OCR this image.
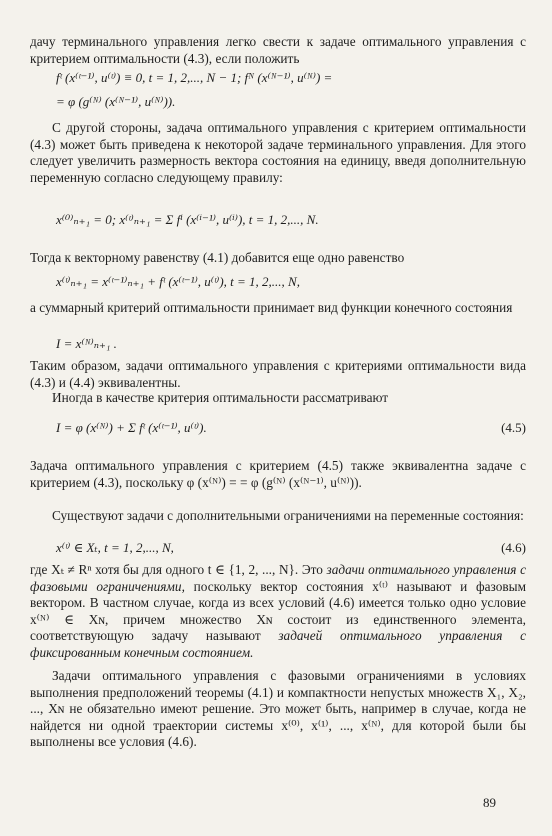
дачу терминального управления легко свести к задаче оптимального управления с критерием оптимальности (4.3), если положить

fᵗ (x⁽ᵗ⁻¹⁾, u⁽ᵗ⁾) ≡ 0, t = 1, 2,..., N − 1; fᴺ (x⁽ᴺ⁻¹⁾, u⁽ᴺ⁾) =
= φ (g⁽ᴺ⁾ (x⁽ᴺ⁻¹⁾, u⁽ᴺ⁾)).

С другой стороны, задача оптимального управления с критерием оптимальности (4.3) может быть приведена к некоторой задаче терминального управления. Для этого следует увеличить размерность вектора состояния на единицу, введя дополнительную переменную согласно следующему правилу:

x⁽⁰⁾ₙ₊₁ = 0; x⁽ᵗ⁾ₙ₊₁ = Σ fⁱ (x⁽ⁱ⁻¹⁾, u⁽ⁱ⁾), t = 1, 2,..., N.

Тогда к векторному равенству (4.1) добавится еще одно равенство

x⁽ᵗ⁾ₙ₊₁ = x⁽ᵗ⁻¹⁾ₙ₊₁ + fᵗ (x⁽ᵗ⁻¹⁾, u⁽ᵗ⁾), t = 1, 2,..., N,

а суммарный критерий оптимальности принимает вид функции конечного состояния

I = x⁽ᴺ⁾ₙ₊₁ .

Таким образом, задачи оптимального управления с критериями оптимальности вида (4.3) и (4.4) эквивалентны.

Иногда в качестве критерия оптимальности рассматривают

I = φ (x⁽ᴺ⁾) + Σ fᵗ (x⁽ᵗ⁻¹⁾, u⁽ᵗ⁾).	(4.5)

Задача оптимального управления с критерием (4.5) также эквивалентна задаче с критерием (4.3), поскольку φ (x⁽ᴺ⁾) = = φ (g⁽ᴺ⁾ (x⁽ᴺ⁻¹⁾, u⁽ᴺ⁾)).

Существуют задачи с дополнительными ограничениями на переменные состояния:

x⁽ᵗ⁾ ∈ Xₜ, t = 1, 2,..., N,	(4.6)

где Xₜ ≠ Rⁿ хотя бы для одного t ∈ {1, 2, ..., N}. Это задачи оптимального управления с фазовыми ограничениями, поскольку вектор состояния x⁽ᵗ⁾ называют и фазовым вектором. В частном случае, когда из всех условий (4.6) имеется только одно условие x⁽ᴺ⁾ ∈ Xɴ, причем множество Xɴ состоит из единственного элемента, соответствующую задачу называют задачей оптимального управления с фиксированным конечным состоянием.

Задачи оптимального управления с фазовыми ограничениями в условиях выполнения предположений теоремы (4.1) и компактности непустых множеств X₁, X₂, ..., Xɴ не обязательно имеют решение. Это может быть, например в случае, когда не найдется ни одной траектории системы x⁽⁰⁾, x⁽¹⁾, ..., x⁽ᴺ⁾, для которой были бы выполнены все условия (4.6).

89
